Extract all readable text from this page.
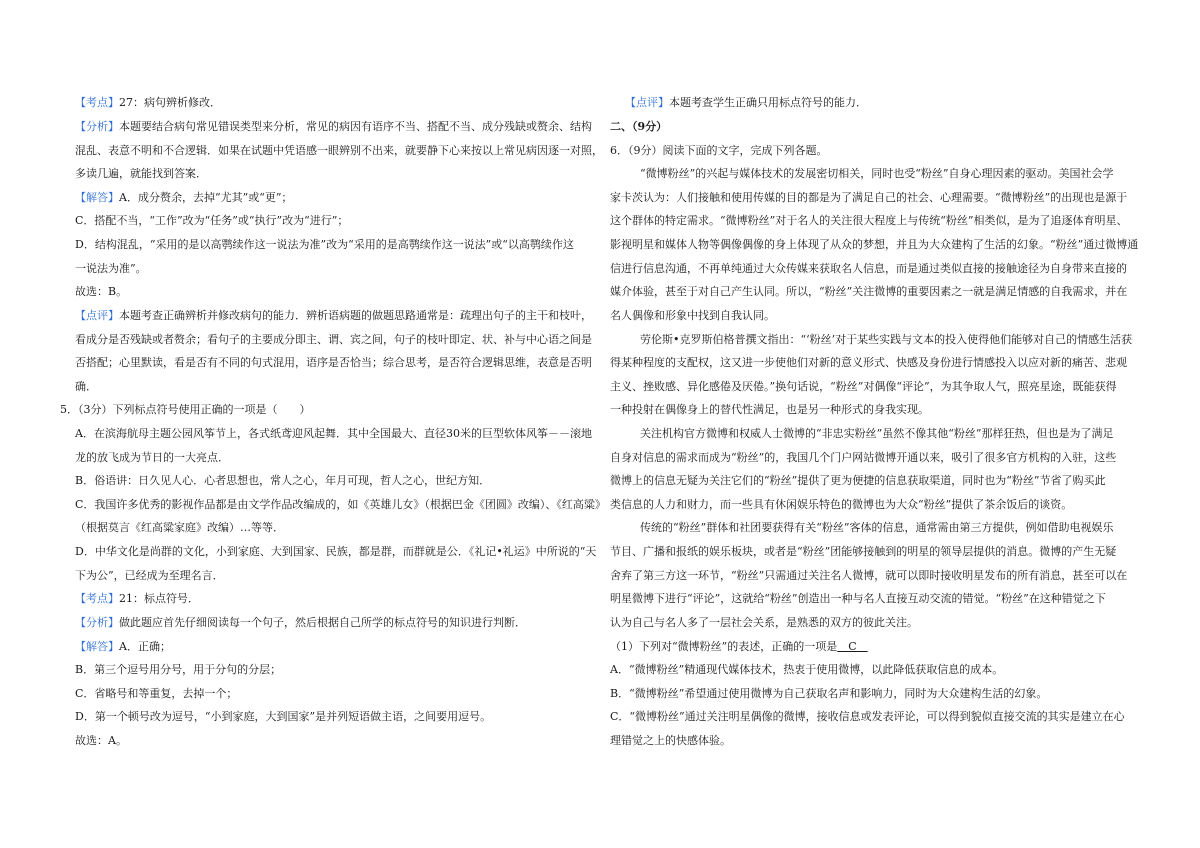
【考点】27：病句辨析修改．
【分析】本题要结合病句常见错误类型来分析，常见的病因有语序不当、搭配不当、成分残缺或赘余、结构
混乱、表意不明和不合逻辑．如果在试题中凭语感一眼辨别不出来，就要静下心来按以上常见病因逐一对照，
多读几遍，就能找到答案．
【解答】A．成分赘余，去掉“尤其”或“更”；
C．搭配不当，“工作”改为“任务”或“执行”改为“进行”；
D．结构混乱，“采用的是以高鹗续作这一说法为准”改为“采用的是高鹗续作这一说法”或“以高鹗续作这
一说法为准”。
故选：B。
【点评】本题考查正确辨析并修改病句的能力．辨析语病题的做题思路通常是：疏理出句子的主干和枝叶，
看成分是否残缺或者赘余；看句子的主要成分即主、谓、宾之间，句子的枝叶即定、状、补与中心语之间是
否搭配；心里默读，看是否有不同的句式混用，语序是否恰当；综合思考，是否符合逻辑思维，表意是否明
确．
5．（3分）下列标点符号使用正确的一项是（　　）
A．在滨海航母主题公园风筝节上，各式纸鸢迎风起舞．其中全国最大、直径30米的巨型软体风筝－－滚地
龙的放飞成为节日的一大亮点．
B．俗语讲：日久见人心．心者思想也，常人之心，年月可现，哲人之心，世纪方知．
C．我国许多优秀的影视作品都是由文学作品改编成的，如《英雄儿女》（根据巴金《团圆》改编）、《红高粱》
（根据莫言《红高粱家庭》改编）…等等．
D．中华文化是尚群的文化，小到家庭、大到国家、民族，都是群，而群就是公．《礼记•礼运》中所说的“天
下为公”，已经成为至理名言．
【考点】21：标点符号．
【分析】做此题应首先仔细阅读每一个句子，然后根据自己所学的标点符号的知识进行判断．
【解答】A．正确；
B．第三个逗号用分号，用于分句的分层；
C．省略号和等重复，去掉一个；
D．第一个顿号改为逗号，“小到家庭，大到国家”是并列短语做主语，之间要用逗号。
故选：A。
【点评】本题考查学生正确只用标点符号的能力．
二、（9分）
6．（9分）阅读下面的文字，完成下列各题。
“微博粉丝”的兴起与媒体技术的发展密切相关，同时也受“粉丝”自身心理因素的驱动。美国社会学
家卡茨认为：人们接触和使用传媒的目的都是为了满足自己的社会、心理需要。“微博粉丝”的出现也是源于
这个群体的特定需求。“微博粉丝”对于名人的关注很大程度上与传统“粉丝”相类似，是为了追逐体育明星、
影视明星和媒体人物等偶像偶像的身上体现了从众的梦想，并且为大众建构了生活的幻象。“粉丝”通过微博通
信进行信息沟通，不再单纯通过大众传媒来获取名人信息，而是通过类似直接的接触途径为自身带来直接的
媒介体验，甚至于对自己产生认同。所以，“粉丝”关注微博的重要因素之一就是满足情感的自我需求，并在
名人偶像和形象中找到自我认同。
劳伦斯•克罗斯伯格普撰文指出：“‘粉丝’对于某些实践与文本的投入使得他们能够对自己的情感生活获
得某种程度的支配权，这又进一步使他们对新的意义形式、快感及身份进行情感投入以应对新的痛苦、悲观
主义、挫败感、异化感倦及厌倦。”换句话说，“粉丝”对偶像“评论”，为其争取人气，照亮星途，既能获得
一种投射在偶像身上的替代性满足，也是另一种形式的身我实现。
关注机构官方微博和权威人士微博的“非忠实粉丝”虽然不像其他“粉丝”那样狂热，但也是为了满足
自身对信息的需求而成为“粉丝”的，我国几个门户网站微博开通以来，吸引了很多官方机构的入驻，这些
微博上的信息无疑为关注它们的“粉丝”提供了更为便捷的信息获取渠道，同时也为“粉丝”节省了购买此
类信息的人力和财力，而一些具有休闲娱乐特色的微博也为大众“粉丝”提供了茶余饭后的谈资。
传统的“粉丝”群体和社团要获得有关“粉丝”客体的信息，通常需由第三方提供，例如借助电视娱乐
节目、广播和报纸的娱乐板块，或者是“粉丝”团能够接触到的明星的领导层提供的消息。微博的产生无疑
舍弃了第三方这一环节，“粉丝”只需通过关注名人微博，就可以即时接收明星发布的所有消息，甚至可以在
明星微博下进行“评论”，这就给“粉丝”创造出一种与名人直接互动交流的错觉。“粉丝”在这种错觉之下
认为自己与名人多了一层社会关系，是熟悉的双方的彼此关注。
（1）下列对“微博粉丝”的表述，正确的一项是　C　
A．“微博粉丝”精通现代媒体技术，热衷于使用微博，以此降低获取信息的成本。
B．“微博粉丝”希望通过使用微博为自己获取名声和影响力，同时为大众建构生活的幻象。
C．“微博粉丝”通过关注明星偶像的微博，接收信息或发表评论，可以得到貌似直接交流的其实是建立在心
理错觉之上的快感体验。
